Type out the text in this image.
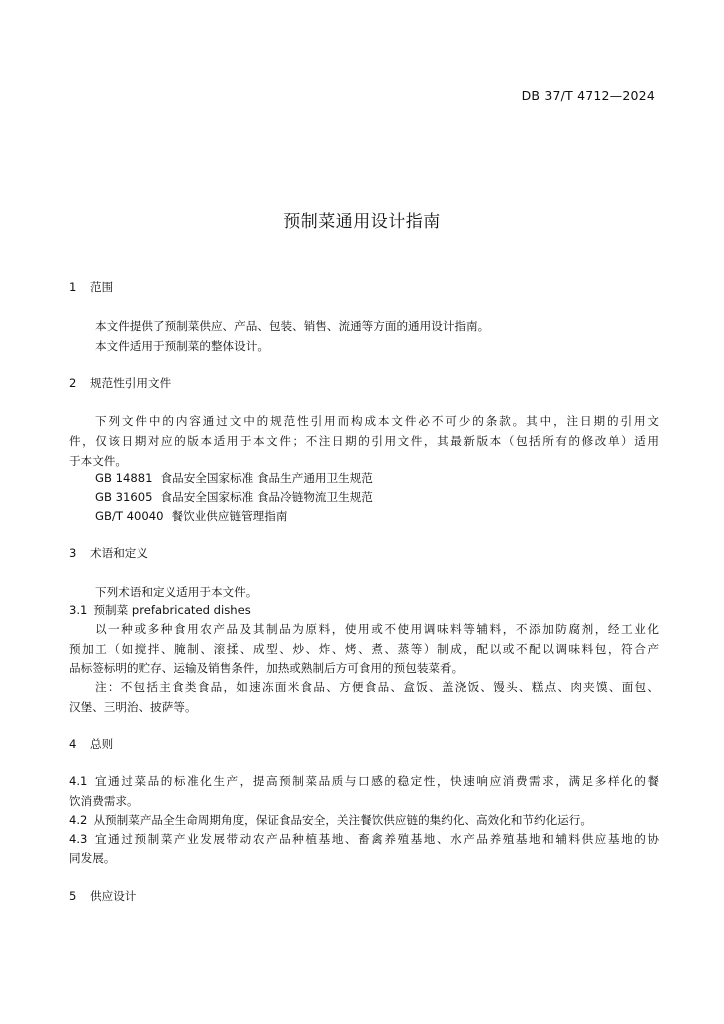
DB 37/T 4712—2024
预制菜通用设计指南
1 范围
本文件提供了预制菜供应、产品、包装、销售、流通等方面的通用设计指南。
本文件适用于预制菜的整体设计。
2 规范性引用文件
下列文件中的内容通过文中的规范性引用而构成本文件必不可少的条款。其中，注日期的引用文
件，仅该日期对应的版本适用于本文件；不注日期的引用文件，其最新版本（包括所有的修改单）适用
于本文件。
GB 14881 食品安全国家标准 食品生产通用卫生规范
GB 31605 食品安全国家标准 食品冷链物流卫生规范
GB/T 40040 餐饮业供应链管理指南
3 术语和定义
下列术语和定义适用于本文件。
3.1 预制菜 prefabricated dishes
以一种或多种食用农产品及其制品为原料，使用或不使用调味料等辅料，不添加防腐剂，经工业化
预加工（如搅拌、腌制、滚揉、成型、炒、炸、烤、煮、蒸等）制成，配以或不配以调味料包，符合产
品标签标明的贮存、运输及销售条件，加热或熟制后方可食用的预包装菜肴。
注：不包括主食类食品，如速冻面米食品、方便食品、盒饭、盖浇饭、馒头、糕点、肉夹馍、面包、
汉堡、三明治、披萨等。
4 总则
4.1 宜通过菜品的标准化生产，提高预制菜品质与口感的稳定性，快速响应消费需求，满足多样化的餐
饮消费需求。
4.2 从预制菜产品全生命周期角度，保证食品安全，关注餐饮供应链的集约化、高效化和节约化运行。
4.3 宜通过预制菜产业发展带动农产品种植基地、畜禽养殖基地、水产品养殖基地和辅料供应基地的协
同发展。
5 供应设计
